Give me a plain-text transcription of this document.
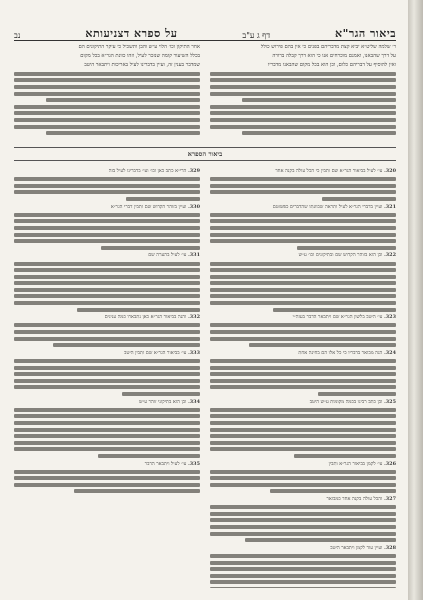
ביאור הגר"א
דף ג ע"ב
על ספרא דצניעותא
נב

ר׳ שלמה שליט״א יביא קצת מדבריהם בפנים כי אין בהם פירוש כולל

על דרך שהבאנו, ואמנם מוכרחים אנו כי הוא דרך קבלה ברורה

ואין להוסיף על דבריהם כלום, וכן הוא בכל מקום שהבאנו מדבריו

אחר התיקון וכו׳ הלוי ע״ש והבן ותשכיל כי עיקר התיקונים הם

בכלל השיעור קומה שנזכר לעיל, וזהו כוונת הגר״א בכל מקום

שמדבר בענין זה, ועיין בדברינו לעיל באריכות ויתבאר היטב

ביאור הספרא

320. עי׳ לעיל בביאור הגר״א שם ותבין כי הכל עולה בקנה אחד

321. ועיין בדברי הגר״א לעיל ותראה שכוונתו שהדברים כפשוטם

322. וכן הוא בזוהר הקדוש שם ובתיקונים וכו׳ ע״ש

323. עי׳ היטב בלשון הגר״א שם ויתבאר הדבר בעזה״י

324. הנה מבואר בדבריו כי כל אלו הם בחינה אחת

325. וכן כתב רבינו בכמה מקומות ע״ש היטב

326. עי׳ לקמן בביאור הגר״א ותבין

327. והכל עולה בקנה אחד כמבואר

328. ועיין עוד לקמן ויתבאר היטב

329. הרי״א כתב כאן וכו׳ ועי׳ בדברינו לעיל בזה

330. ועיין בזוהר הקדוש שם ותבין דברי הגר״א

331. עי׳ לעיל בהערה שם

332. והנה בביאור הגר״א כאן נתבארו כמה ענינים

333. עי׳ בביאור הגר״א שם ותבין היטב

334. וכן הוא בתיקוני זוהר ע״ש

335. עי׳ לעיל ויתבאר הדבר
